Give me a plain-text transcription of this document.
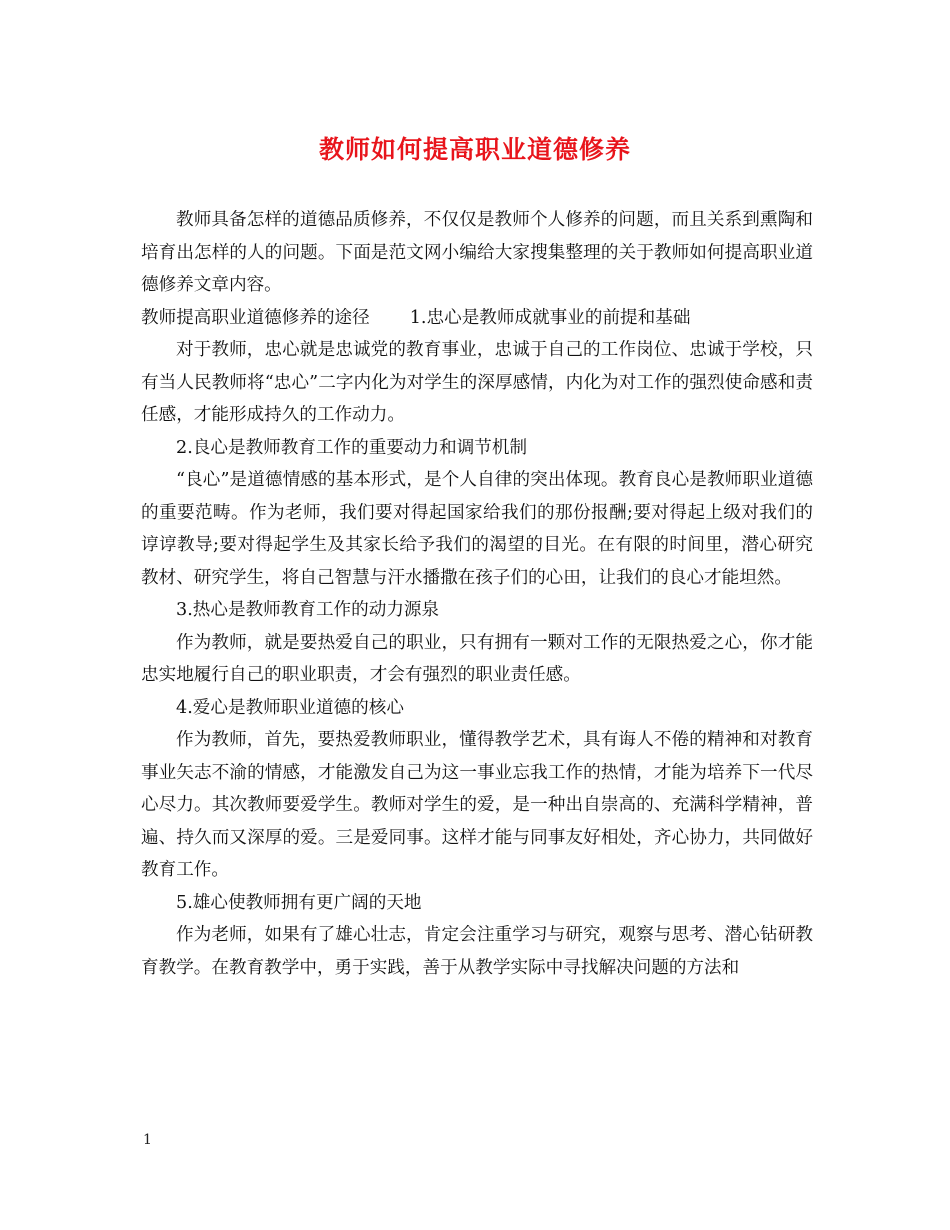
教师如何提高职业道德修养

教师具备怎样的道德品质修养，不仅仅是教师个人修养的问题，而且关系到熏陶和培育出怎样的人的问题。下面是范文网小编给大家搜集整理的关于教师如何提高职业道德修养文章内容。

教师提高职业道德修养的途径 1.忠心是教师成就事业的前提和基础

对于教师，忠心就是忠诚党的教育事业，忠诚于自己的工作岗位、忠诚于学校，只有当人民教师将“忠心”二字内化为对学生的深厚感情，内化为对工作的强烈使命感和责任感，才能形成持久的工作动力。

2.良心是教师教育工作的重要动力和调节机制

“良心”是道德情感的基本形式，是个人自律的突出体现。教育良心是教师职业道德的重要范畴。作为老师，我们要对得起国家给我们的那份报酬;要对得起上级对我们的谆谆教导;要对得起学生及其家长给予我们的渴望的目光。在有限的时间里，潜心研究教材、研究学生，将自己智慧与汗水播撒在孩子们的心田，让我们的良心才能坦然。

3.热心是教师教育工作的动力源泉

作为教师，就是要热爱自己的职业，只有拥有一颗对工作的无限热爱之心，你才能忠实地履行自己的职业职责，才会有强烈的职业责任感。

4.爱心是教师职业道德的核心

作为教师，首先，要热爱教师职业，懂得教学艺术，具有诲人不倦的精神和对教育事业矢志不渝的情感，才能激发自己为这一事业忘我工作的热情，才能为培养下一代尽心尽力。其次教师要爱学生。教师对学生的爱，是一种出自崇高的、充满科学精神，普遍、持久而又深厚的爱。三是爱同事。这样才能与同事友好相处，齐心协力，共同做好教育工作。

5.雄心使教师拥有更广阔的天地

作为老师，如果有了雄心壮志，肯定会注重学习与研究，观察与思考、潜心钻研教育教学。在教育教学中，勇于实践，善于从教学实际中寻找解决问题的方法和

1
